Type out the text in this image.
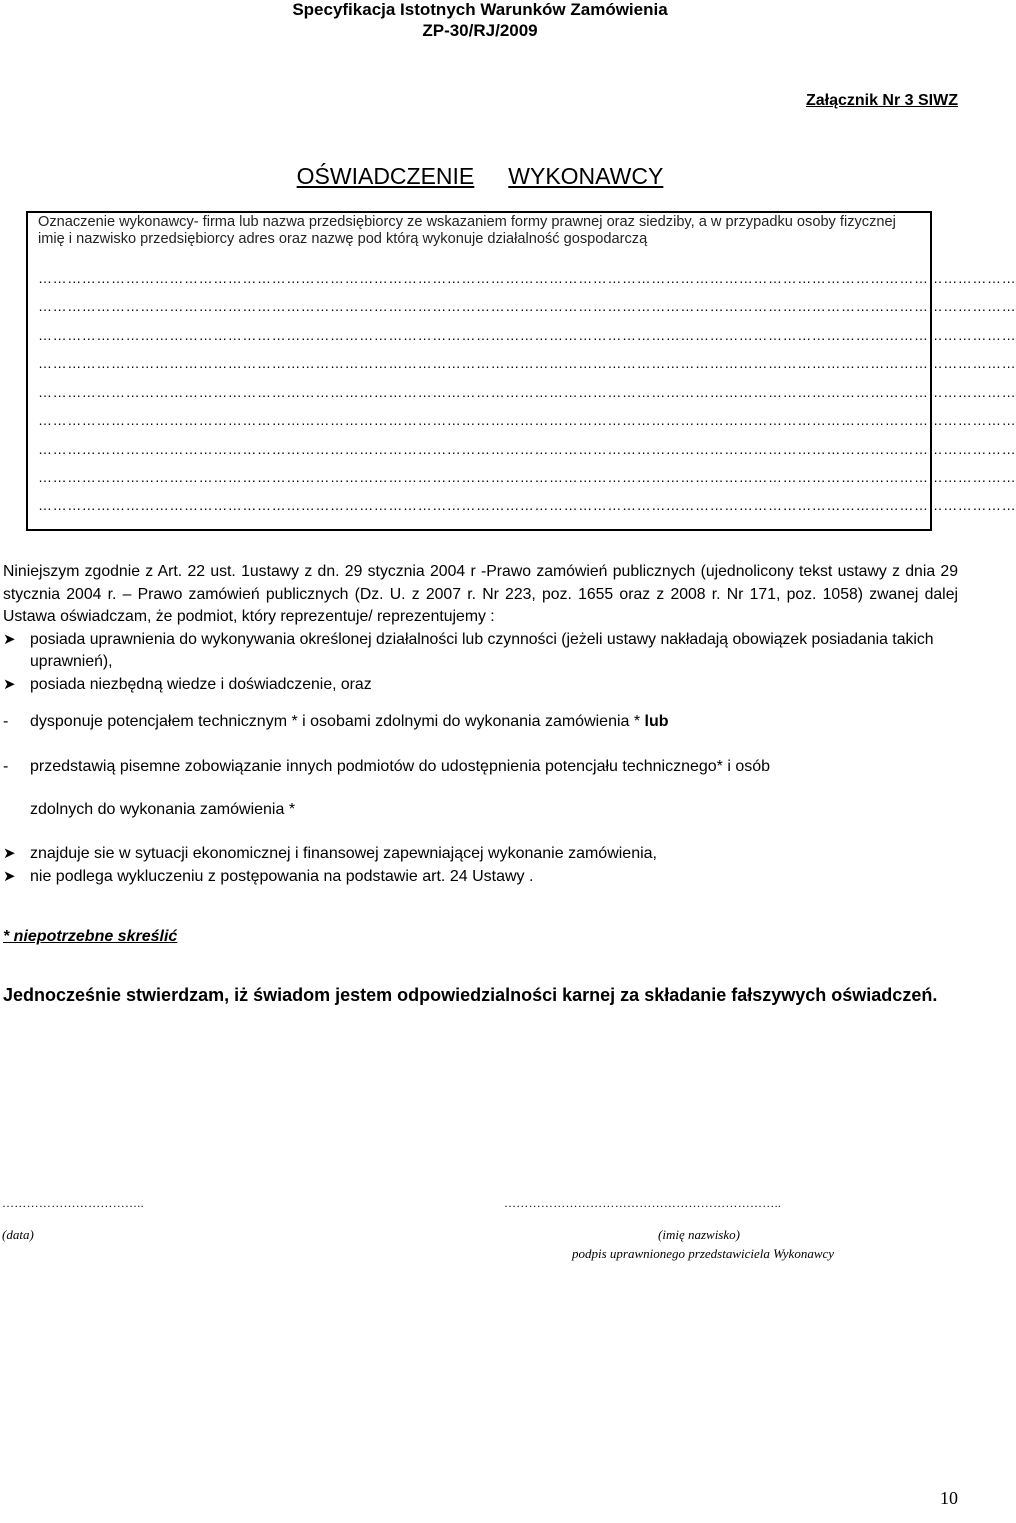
Specyfikacja Istotnych Warunków Zamówienia
ZP-30/RJ/2009
Załącznik Nr 3 SIWZ
OŚWIADCZENIE WYKONAWCY
Oznaczenie wykonawcy- firma lub nazwa przedsiębiorcy ze wskazaniem formy prawnej oraz siedziby, a w przypadku osoby fizycznej imię i nazwisko przedsiębiorcy adres oraz nazwę pod którą wykonuje działalność gospodarczą
…………………………………………………………………………………………………………………………………………………………………………………
…………………………………………………………………………………………………………………………………………………………………………………
…………………………………………………………………………………………………………………………………………………………………………………
…………………………………………………………………………………………………………………………………………………………………………………
…………………………………………………………………………………………………………………………………………………………………………………
…………………………………………………………………………………………………………………………………………………………………………………
…………………………………………………………………………………………………………………………………………………………………………………
…………………………………………………………………………………………………………………………………………………………………………………
…………………………………………………………………………………………………………………………………………………………………………………

Niniejszym zgodnie z Art. 22 ust. 1ustawy z dn. 29 stycznia 2004 r -Prawo zamówień publicznych (ujednolicony tekst ustawy z dnia 29 stycznia 2004 r. – Prawo zamówień publicznych (Dz. U. z 2007 r. Nr 223, poz. 1655 oraz z 2008 r. Nr 171, poz. 1058) zwanej dalej Ustawa oświadczam, że podmiot, który reprezentuje/ reprezentujemy :

➤ posiada uprawnienia do wykonywania określonej działalności lub czynności (jeżeli ustawy nakładają obowiązek posiadania takich uprawnień),
➤ posiada niezbędną wiedze i doświadczenie, oraz
- dysponuje potencjałem technicznym * i osobami zdolnymi do wykonania zamówienia * lub
- przedstawią pisemne zobowiązanie innych podmiotów do udostępnienia potencjału technicznego* i osób
zdolnych do wykonania zamówienia *
➤ znajduje sie w sytuacji ekonomicznej i finansowej zapewniającej wykonanie zamówienia,
➤ nie podlega wykluczeniu z postępowania na podstawie art. 24 Ustawy .
* niepotrzebne skreślić
Jednocześnie stwierdzam, iż świadom jestem odpowiedzialności karnej za składanie fałszywych oświadczeń.
……………………………..	…………………………………………………………..
(data)	(imię nazwisko)
podpis uprawnionego przedstawiciela Wykonawcy
10
